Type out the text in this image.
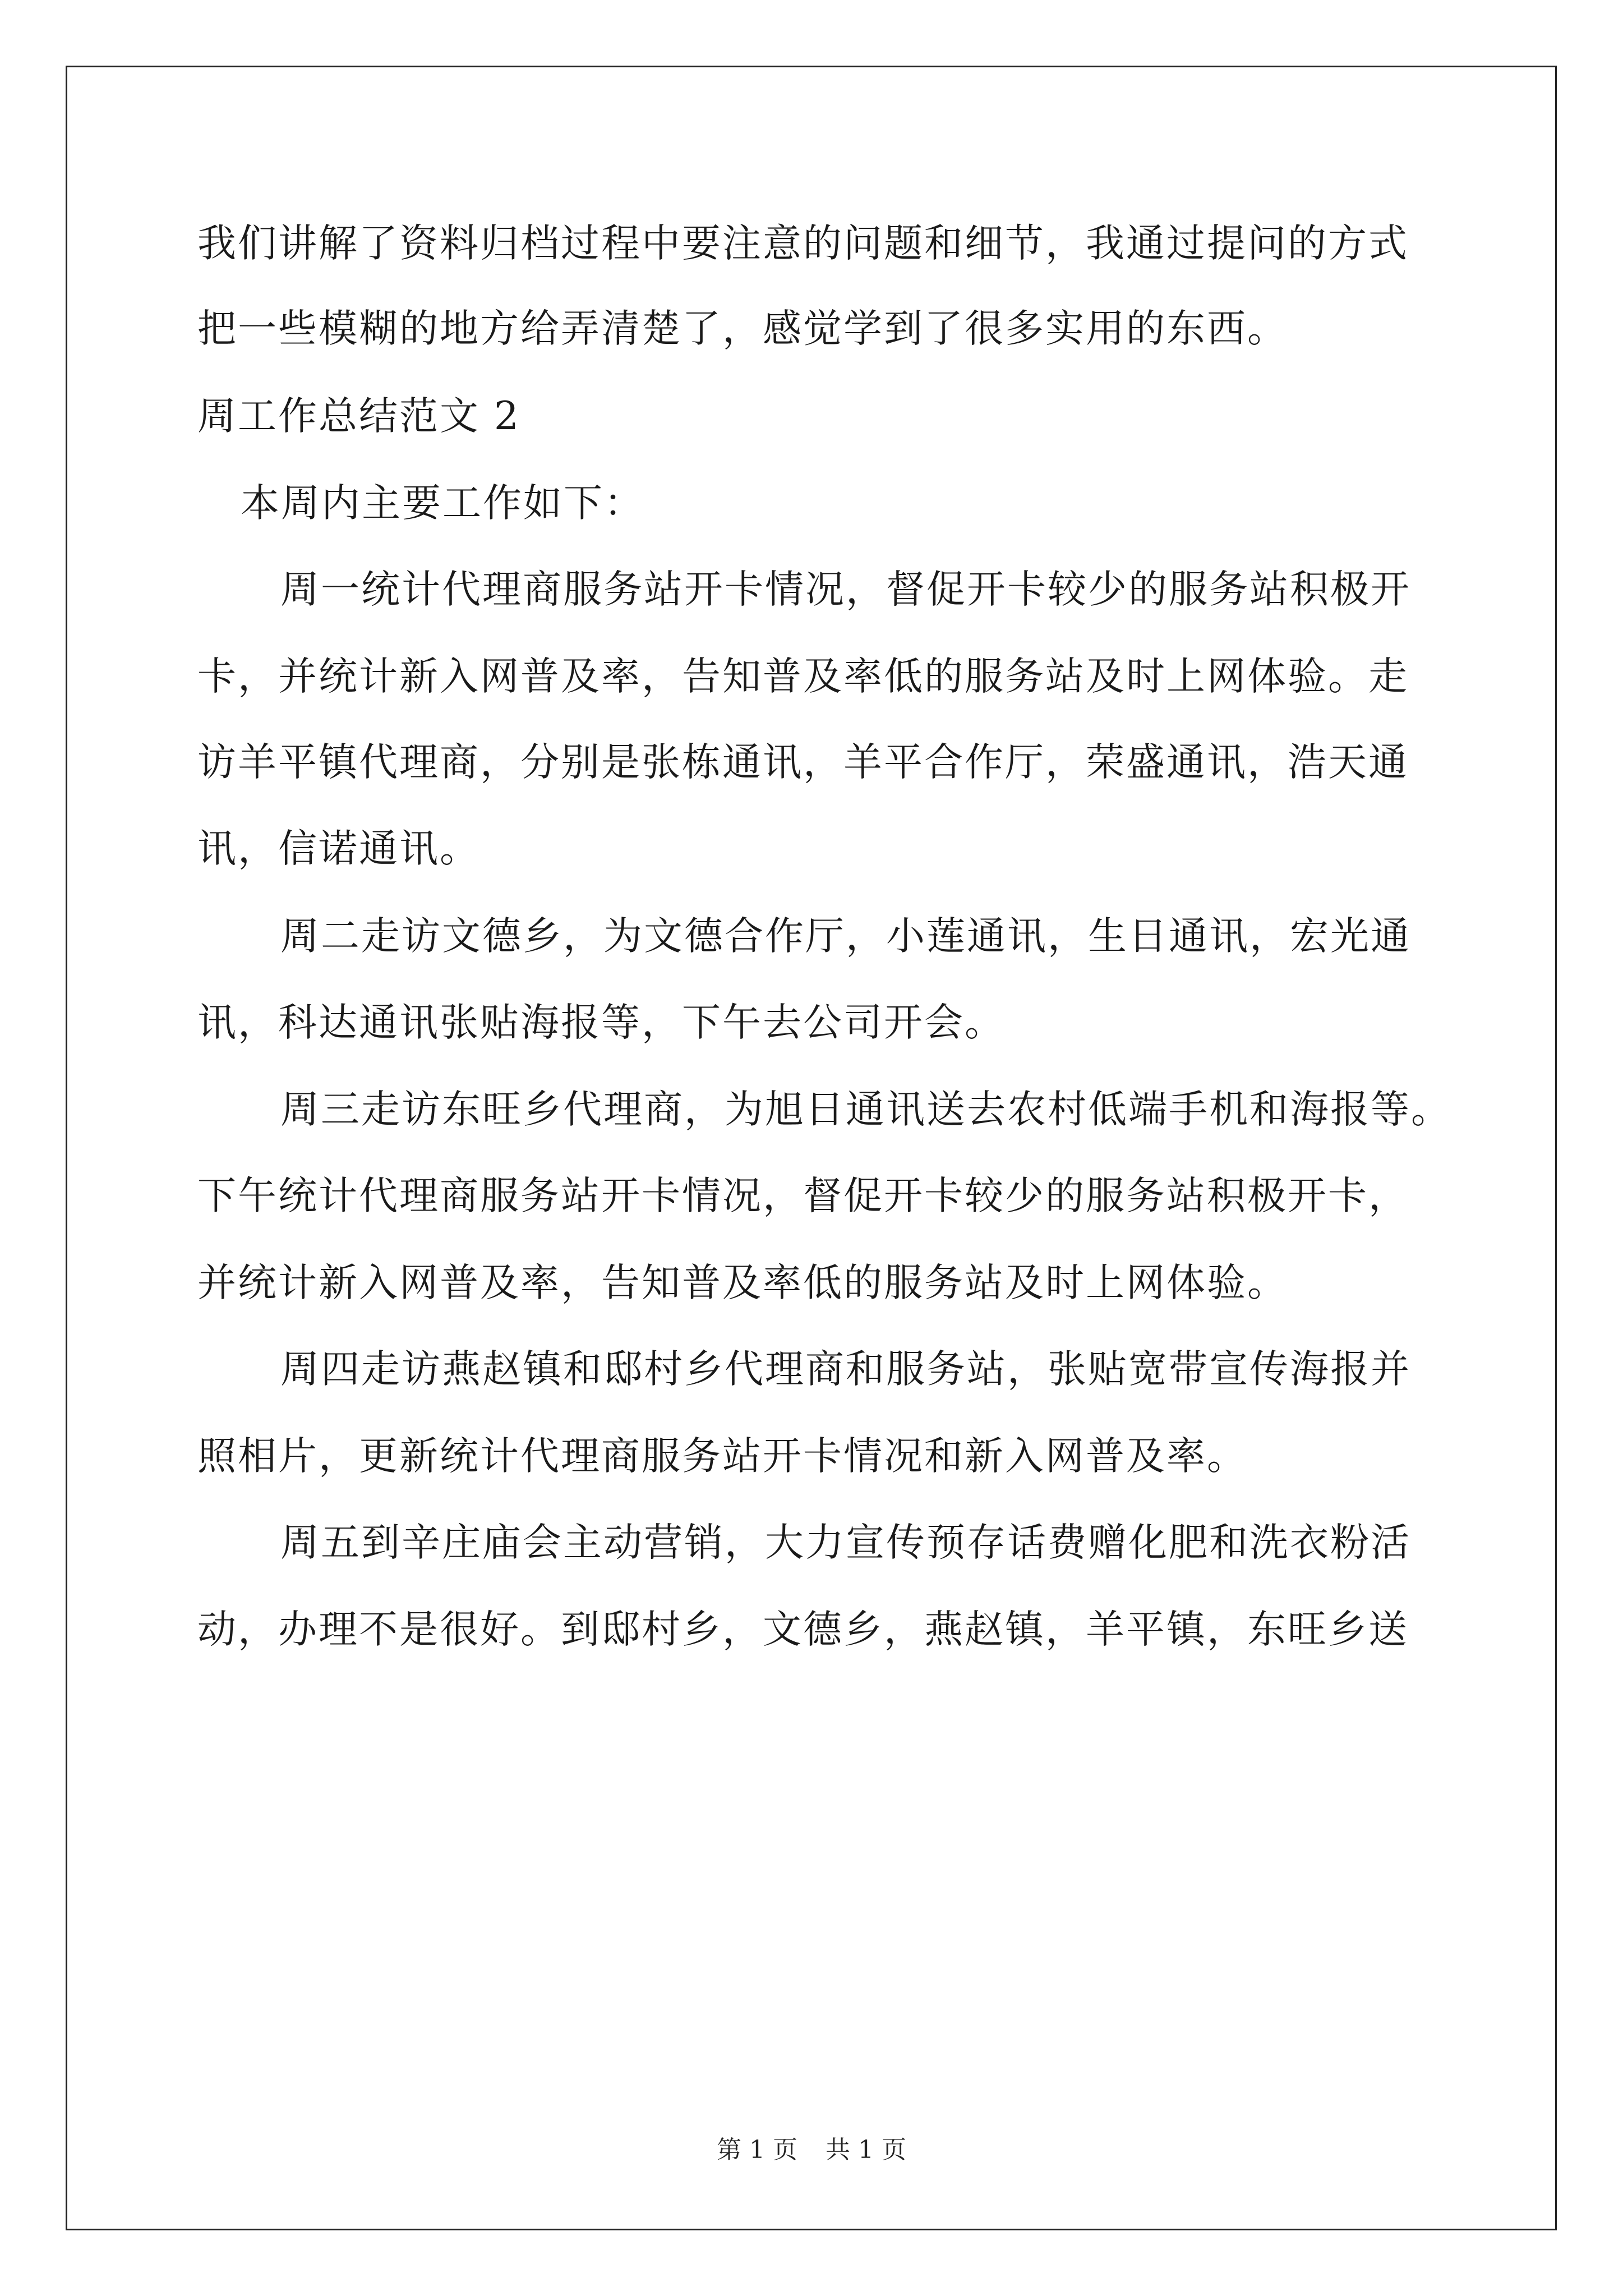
我们讲解了资料归档过程中要注意的问题和细节，我通过提问的方式
把一些模糊的地方给弄清楚了，感觉学到了很多实用的东西。
周工作总结范文 2
本周内主要工作如下：
周一统计代理商服务站开卡情况，督促开卡较少的服务站积极开
卡，并统计新入网普及率，告知普及率低的服务站及时上网体验。走
访羊平镇代理商，分别是张栋通讯，羊平合作厅，荣盛通讯，浩天通
讯，信诺通讯。
周二走访文德乡，为文德合作厅，小莲通讯，生日通讯，宏光通
讯，科达通讯张贴海报等，下午去公司开会。
周三走访东旺乡代理商，为旭日通讯送去农村低端手机和海报等。
下午统计代理商服务站开卡情况，督促开卡较少的服务站积极开卡，
并统计新入网普及率，告知普及率低的服务站及时上网体验。
周四走访燕赵镇和邸村乡代理商和服务站，张贴宽带宣传海报并
照相片，更新统计代理商服务站开卡情况和新入网普及率。
周五到辛庄庙会主动营销，大力宣传预存话费赠化肥和洗衣粉活
动，办理不是很好。到邸村乡，文德乡，燕赵镇，羊平镇，东旺乡送
第 1 页 共 1 页
